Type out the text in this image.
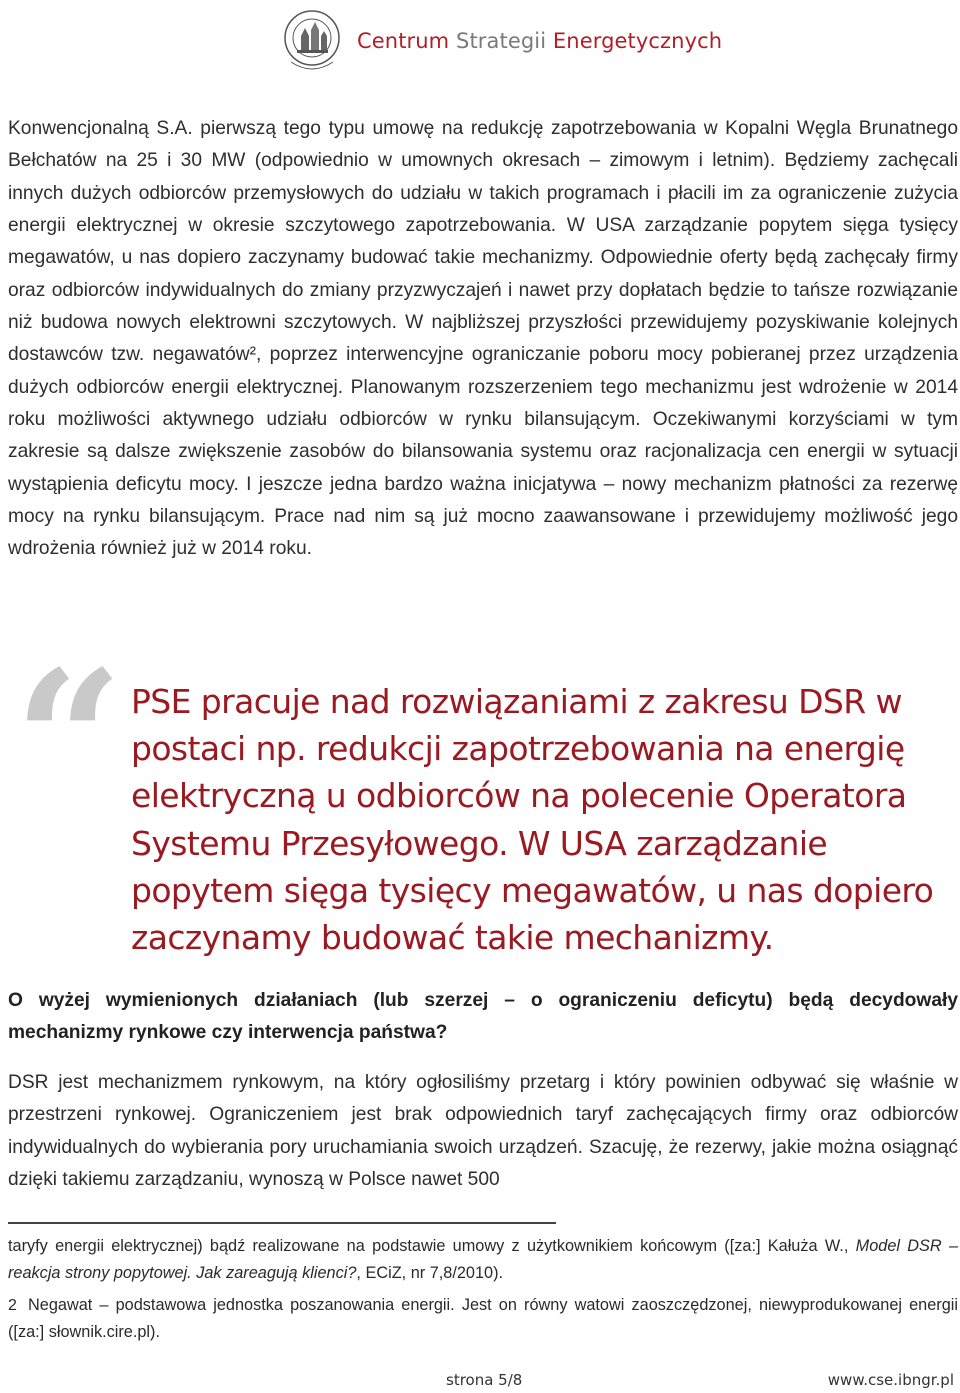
Centrum Strategii Energetycznych

Konwencjonalną S.A. pierwszą tego typu umowę na redukcję zapotrzebowania w Kopalni Węgla Brunatnego Bełchatów na 25 i 30 MW (odpowiednio w umownych okresach – zimowym i letnim). Będziemy zachęcali innych dużych odbiorców przemysłowych do udziału w takich programach i płacili im za ograniczenie zużycia energii elektrycznej w okresie szczytowego zapotrzebowania. W USA zarządzanie popytem sięga tysięcy megawatów, u nas dopiero zaczynamy budować takie mechanizmy. Odpowiednie oferty będą zachęcały firmy oraz odbiorców indywidualnych do zmiany przyzwyczajeń i nawet przy dopłatach będzie to tańsze rozwiązanie niż budowa nowych elektrowni szczytowych. W najbliższej przyszłości przewidujemy pozyskiwanie kolejnych dostawców tzw. negawatów², poprzez interwencyjne ograniczanie poboru mocy pobieranej przez urządzenia dużych odbiorców energii elektrycznej. Planowanym rozszerzeniem tego mechanizmu jest wdrożenie w 2014 roku możliwości aktywnego udziału odbiorców w rynku bilansującym. Oczekiwanymi korzyściami w tym zakresie są dalsze zwiększenie zasobów do bilansowania systemu oraz racjonalizacja cen energii w sytuacji wystąpienia deficytu mocy. I jeszcze jedna bardzo ważna inicjatywa – nowy mechanizm płatności za rezerwę mocy na rynku bilansującym. Prace nad nim są już mocno zaawansowane i przewidujemy możliwość jego wdrożenia również już w 2014 roku.

“ PSE pracuje nad rozwiązaniami z zakresu DSR w postaci np. redukcji zapotrzebowania na energię elektryczną u odbiorców na polecenie Operatora Systemu Przesyłowego. W USA zarządzanie popytem sięga tysięcy megawatów, u nas dopiero zaczynamy budować takie mechanizmy.
O wyżej wymienionych działaniach (lub szerzej – o ograniczeniu deficytu) będą decydowały mechanizmy rynkowe czy interwencja państwa?
DSR jest mechanizmem rynkowym, na który ogłosiliśmy przetarg i który powinien odbywać się właśnie w przestrzeni rynkowej. Ograniczeniem jest brak odpowiednich taryf zachęcających firmy oraz odbiorców indywidualnych do wybierania pory uruchamiania swoich urządzeń. Szacuję, że rezerwy, jakie można osiągnąć dzięki takiemu zarządzaniu, wynoszą w Polsce nawet 500

taryfy energii elektrycznej) bądź realizowane na podstawie umowy z użytkownikiem końcowym ([za:] Kałuża W., Model DSR – reakcja strony popytowej. Jak zareagują klienci?, ECiZ, nr 7,8/2010).

2 Negawat – podstawowa jednostka poszanowania energii. Jest on równy watowi zaoszczędzonej, niewyprodukowanej energii ([za:] słownik.cire.pl).

strona 5/8	www.cse.ibngr.pl
